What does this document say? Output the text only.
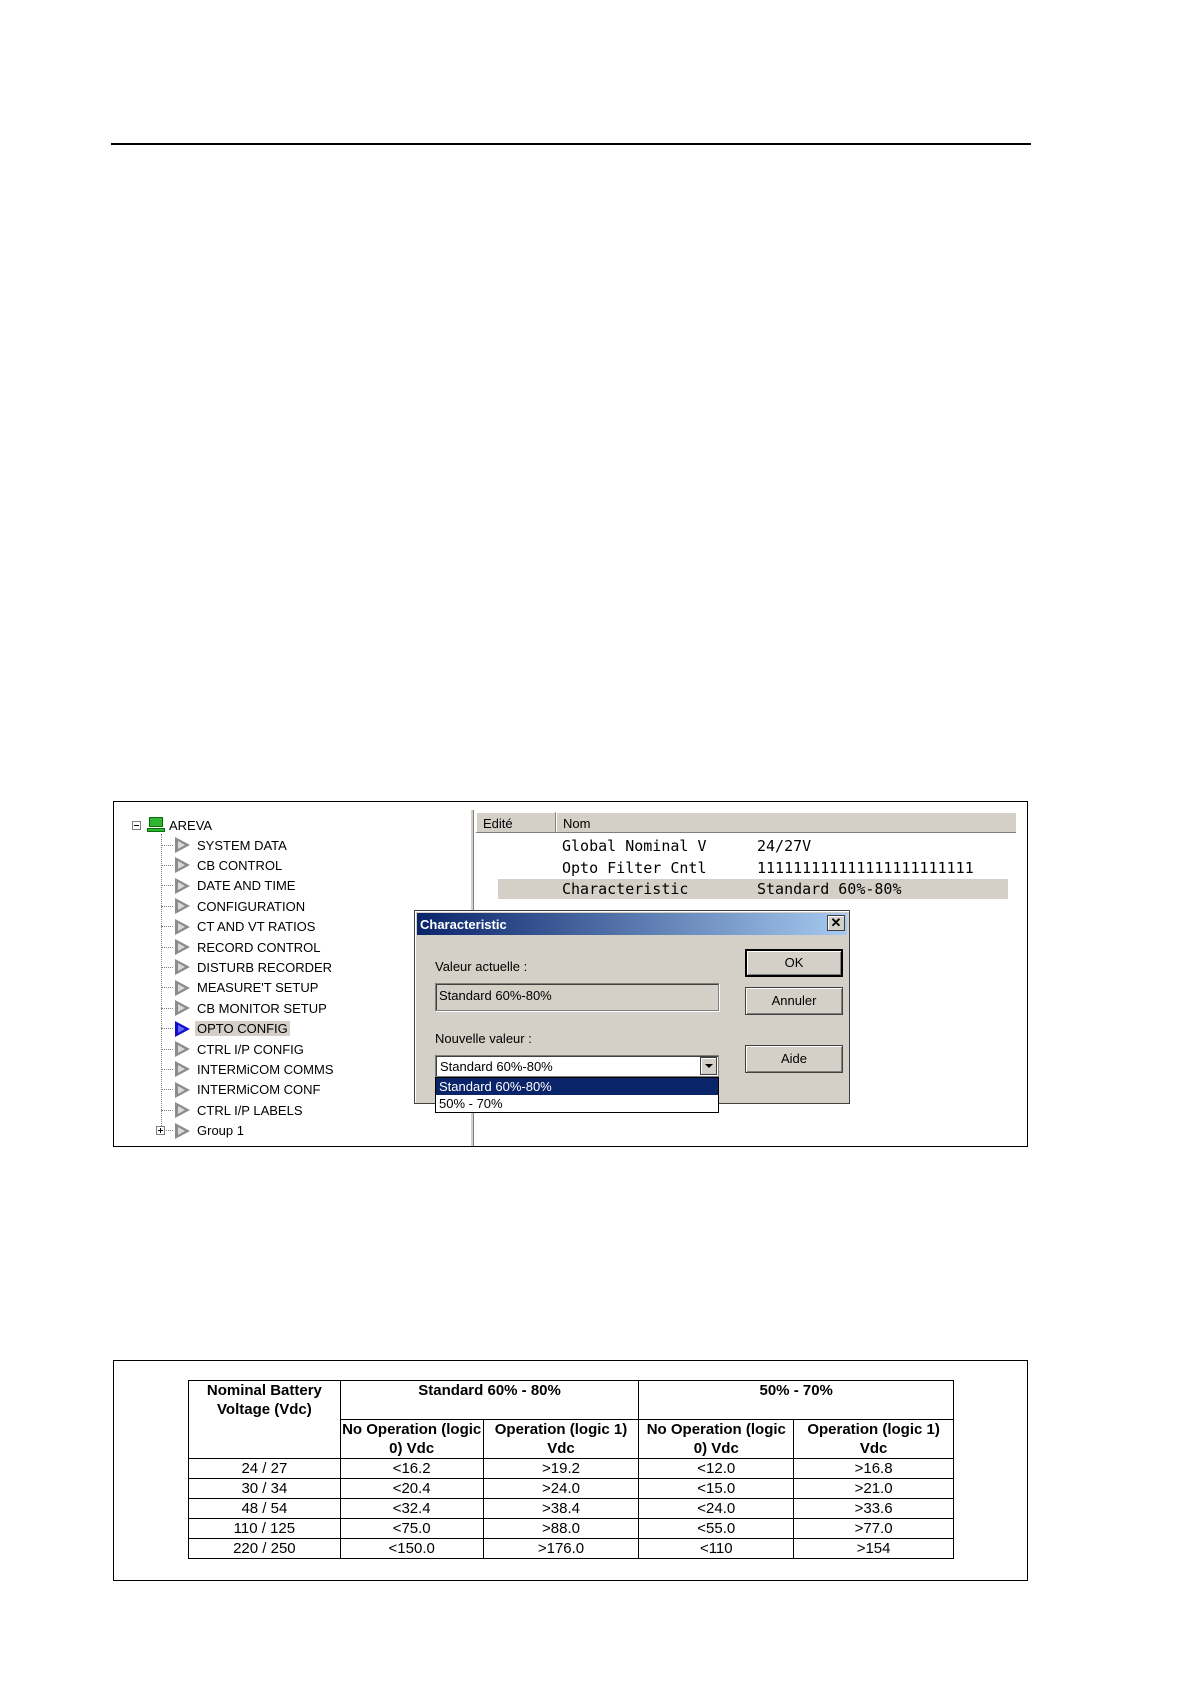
AREVA
SYSTEM DATA
CB CONTROL
DATE AND TIME
CONFIGURATION
CT AND VT RATIOS
RECORD CONTROL
DISTURB RECORDER
MEASURE'T SETUP
CB MONITOR SETUP
OPTO CONFIG
CTRL I/P CONFIG
INTERMiCOM COMMS
INTERMiCOM CONF
CTRL I/P LABELS
Group 1
Edité	Nom
Global Nominal V	24/27V
Opto Filter Cntl	111111111111111111111111
Characteristic	Standard 60%-80%
Characteristic	✕
Valeur actuelle :
Standard 60%-80%
Nouvelle valeur :
Standard 60%-80%
Standard 60%-80%
50% - 70%
OK
Annuler
Aide
Nominal Battery Voltage (Vdc)	Standard 60% - 80%		50% - 70%	
	No Operation (logic 0) Vdc	Operation (logic 1) Vdc	No Operation (logic 0) Vdc	Operation (logic 1) Vdc
24 / 27	<16.2	>19.2	<12.0	>16.8
30 / 34	<20.4	>24.0	<15.0	>21.0
48 / 54	<32.4	>38.4	<24.0	>33.6
110 / 125	<75.0	>88.0	<55.0	>77.0
220 / 250	<150.0	>176.0	<110	>154
